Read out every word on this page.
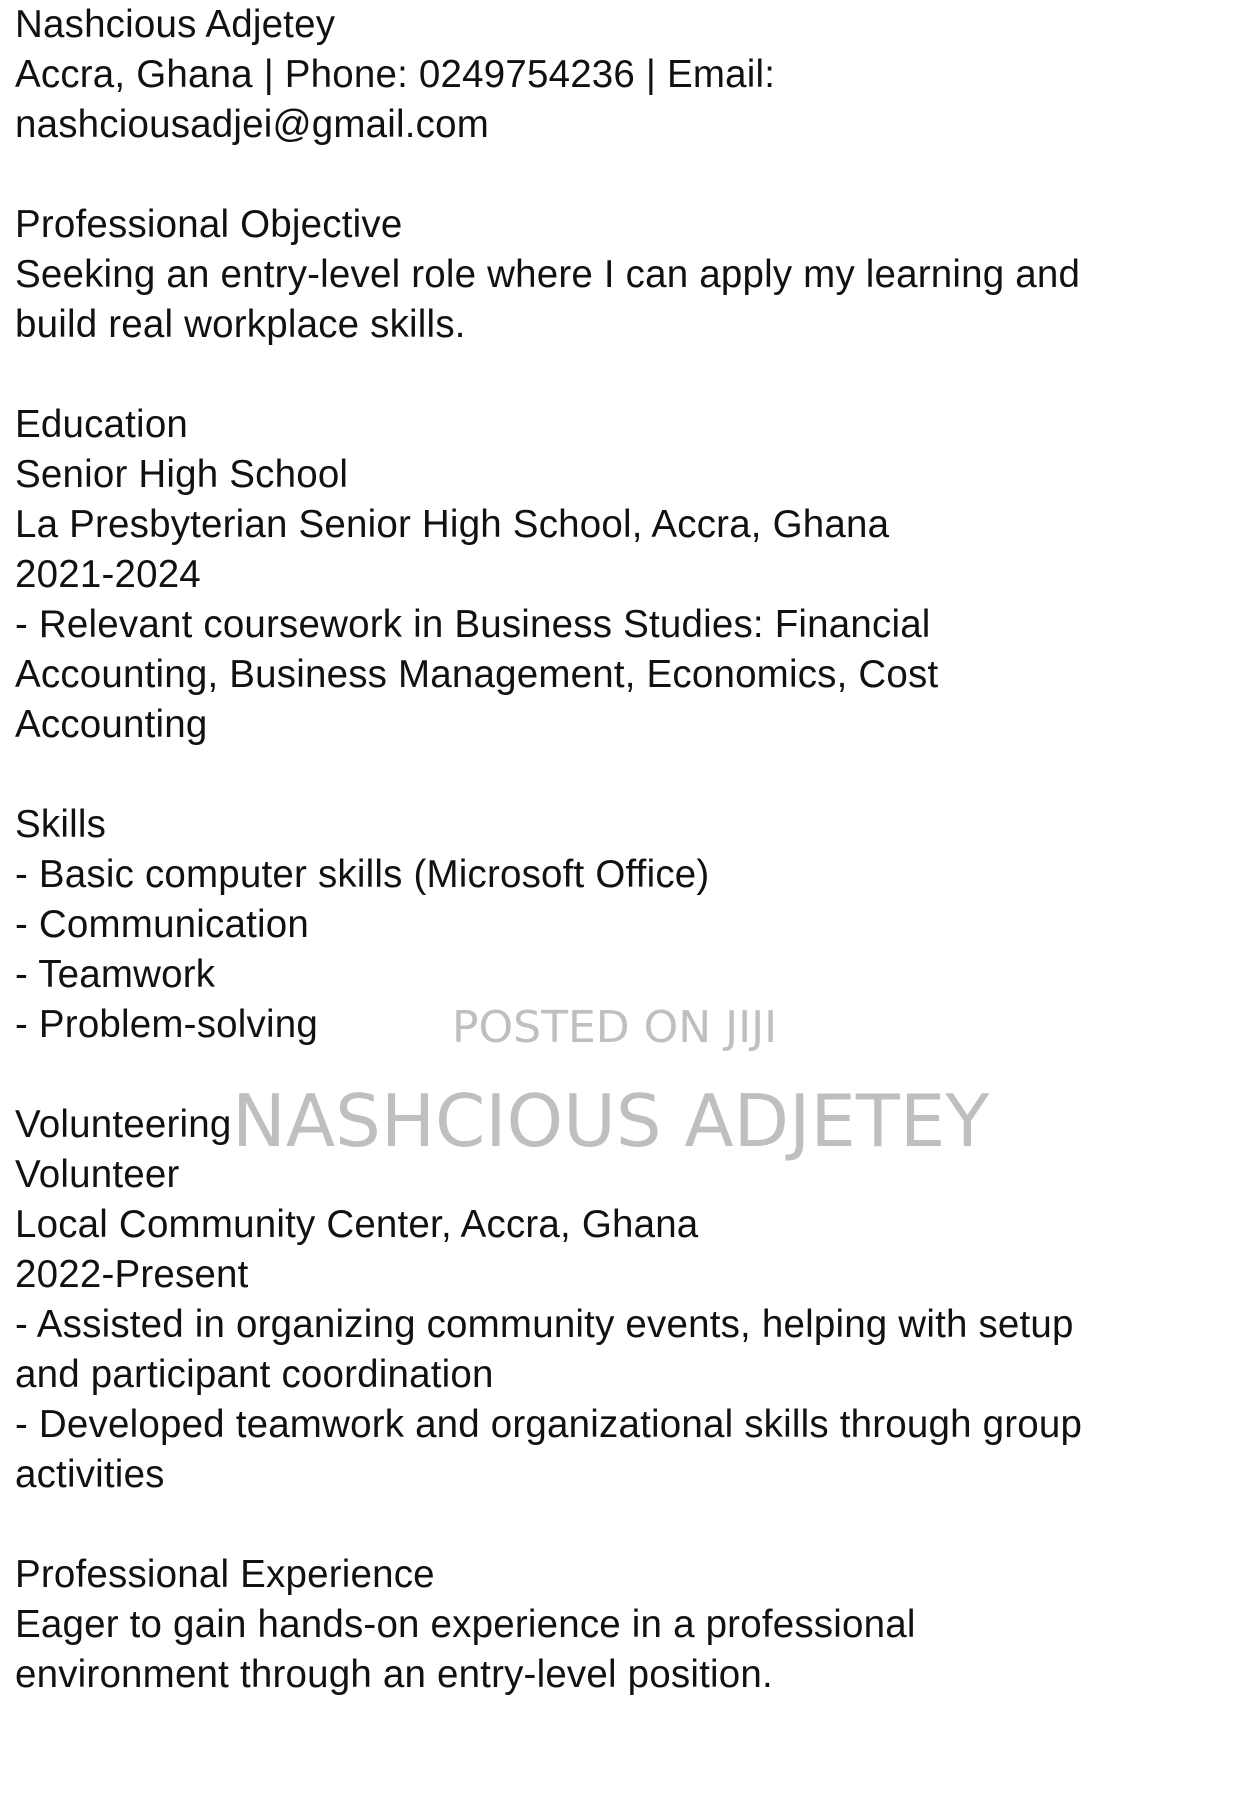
Nashcious Adjetey
Accra, Ghana | Phone: 0249754236 | Email:
nashciousadjei@gmail.com
Professional Objective
Seeking an entry-level role where I can apply my learning and
build real workplace skills.
Education
Senior High School
La Presbyterian Senior High School, Accra, Ghana
2021-2024
- Relevant coursework in Business Studies: Financial
Accounting, Business Management, Economics, Cost
Accounting
Skills
- Basic computer skills (Microsoft Office)
- Communication
- Teamwork
- Problem-solving
Volunteering
Volunteer
Local Community Center, Accra, Ghana
2022-Present
- Assisted in organizing community events, helping with setup
and participant coordination
- Developed teamwork and organizational skills through group
activities
Professional Experience
Eager to gain hands-on experience in a professional
environment through an entry-level position.
POSTED ON JIJI
NASHCIOUS ADJETEY
